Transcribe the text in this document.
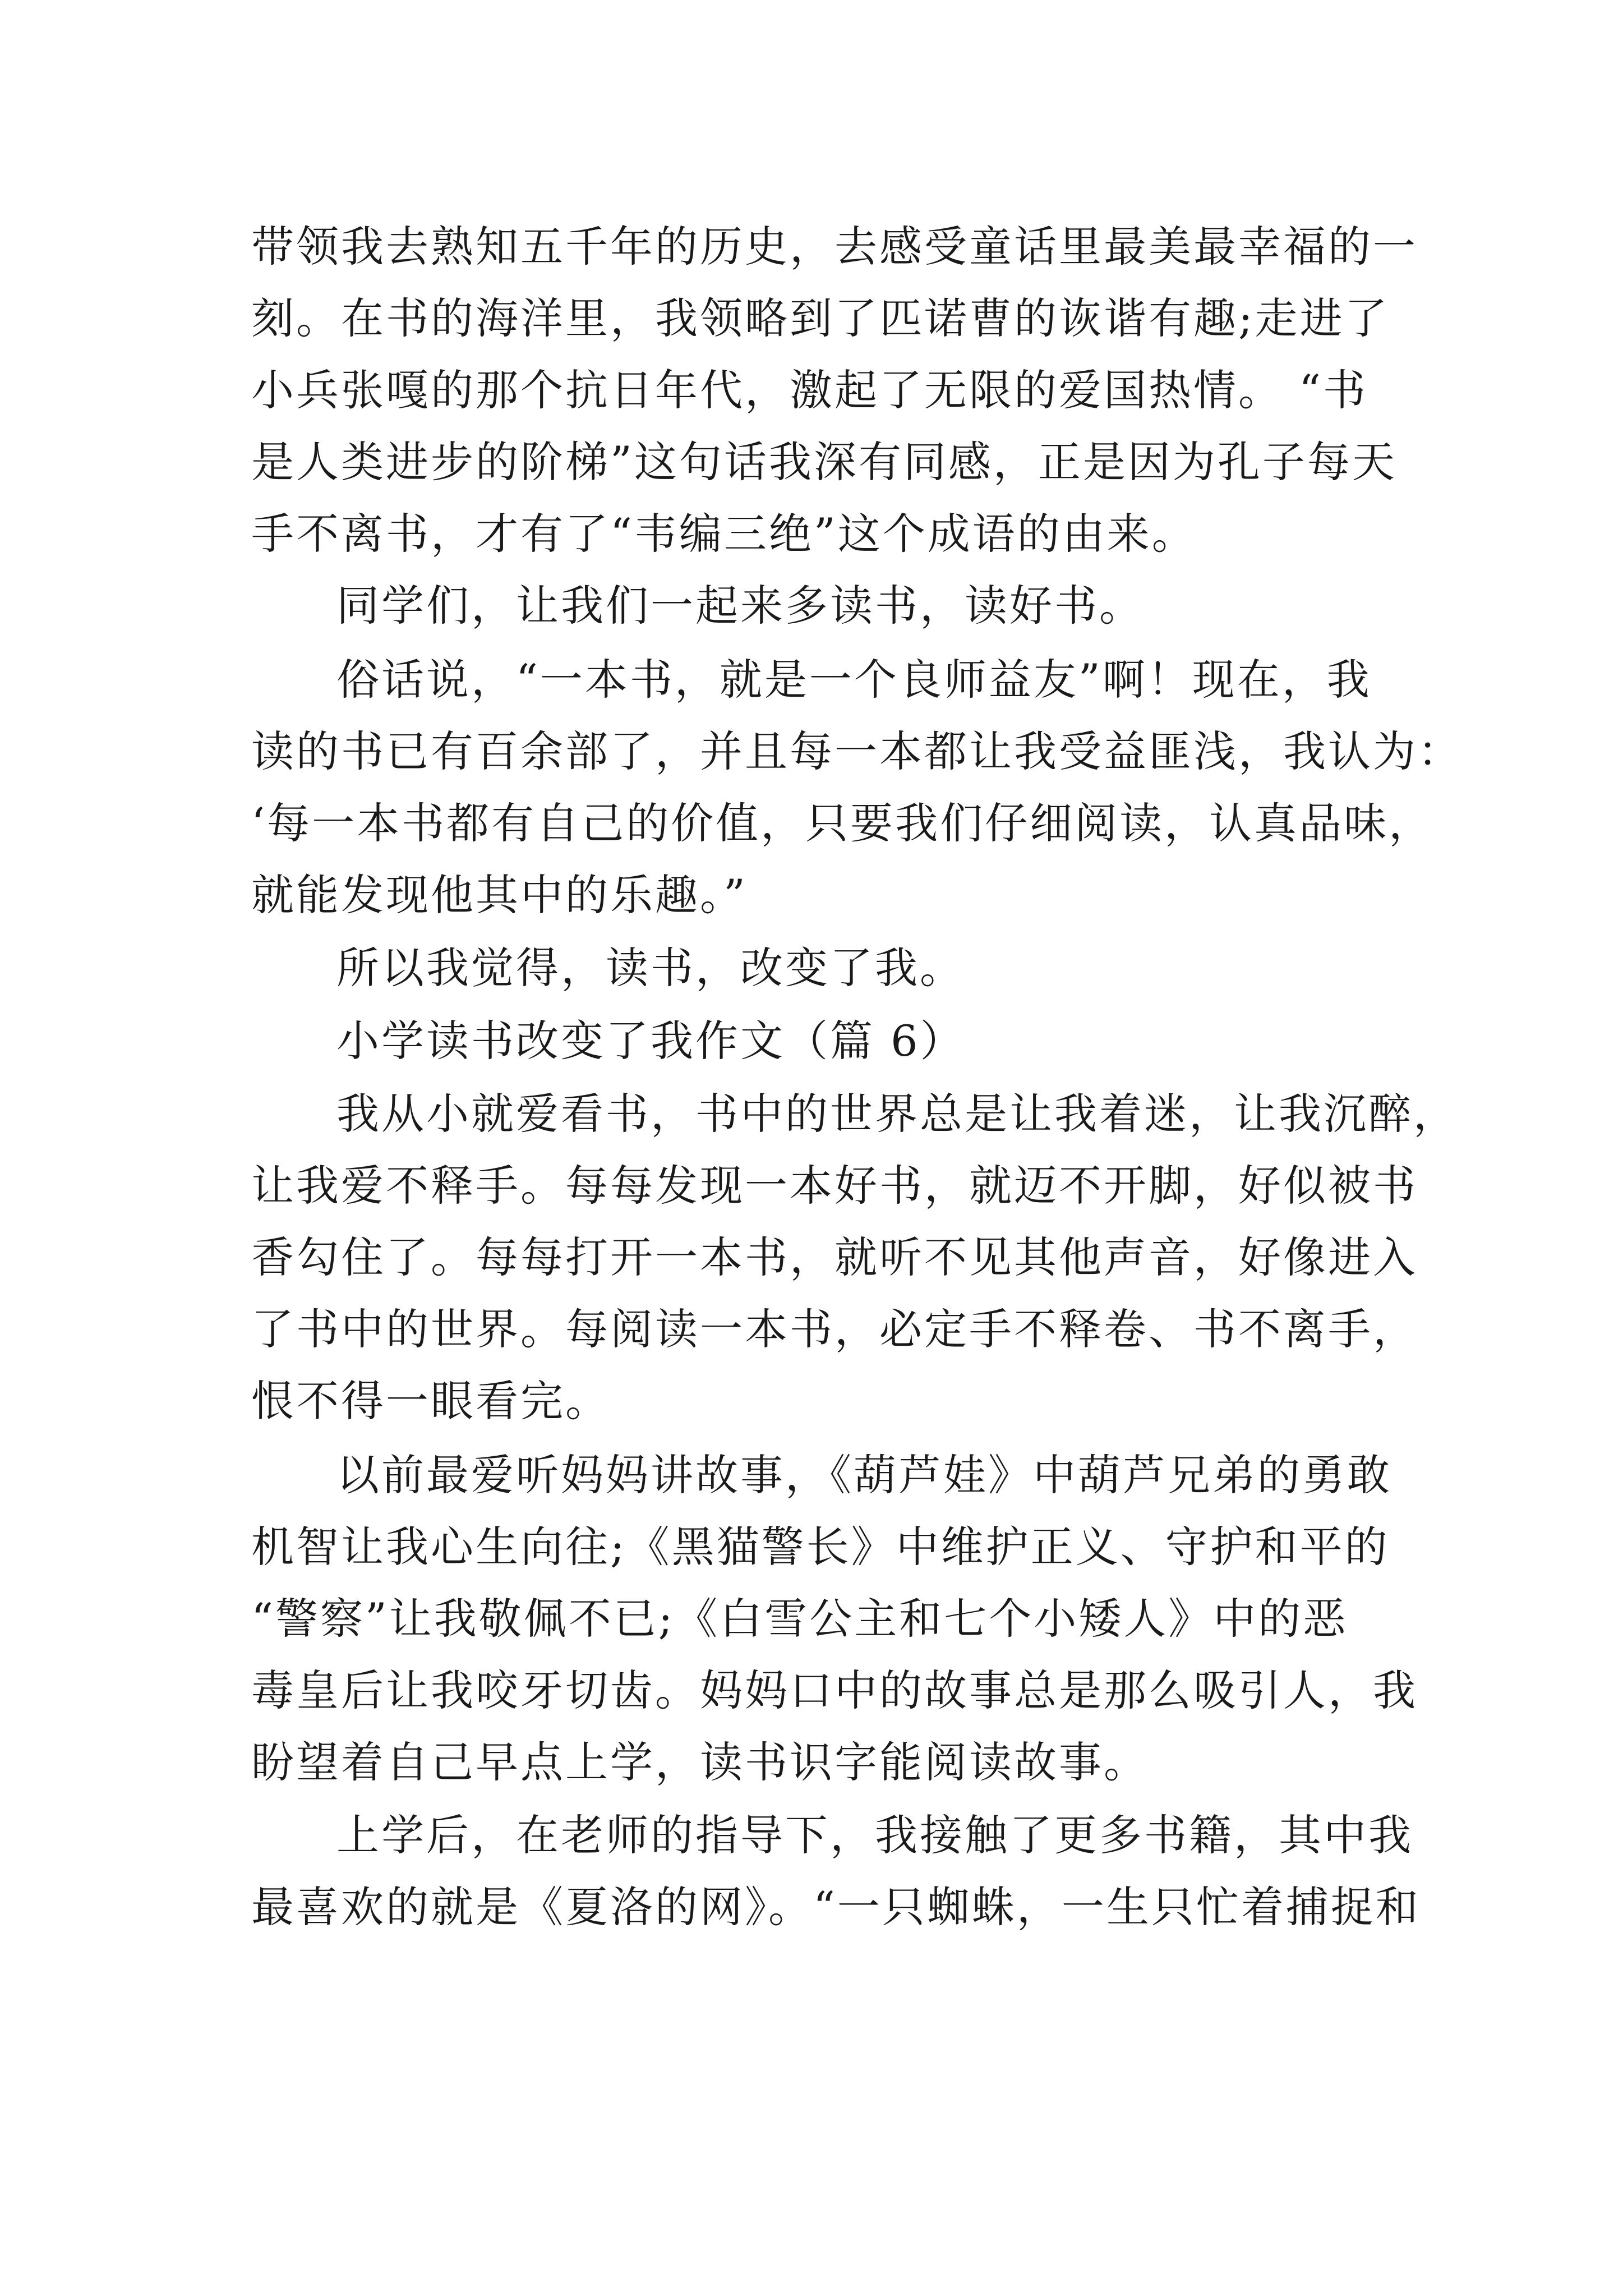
带领我去熟知五千年的历史，去感受童话里最美最幸福的一
刻。在书的海洋里，我领略到了匹诺曹的诙谐有趣;走进了
小兵张嘎的那个抗日年代，激起了无限的爱国热情。 “书
是人类进步的阶梯”这句话我深有同感，正是因为孔子每天
手不离书，才有了“韦编三绝”这个成语的由来。
同学们，让我们一起来多读书，读好书。
俗话说，“一本书，就是一个良师益友”啊！现在，我
读的书已有百余部了，并且每一本都让我受益匪浅，我认为：
‘每一本书都有自己的价值，只要我们仔细阅读，认真品味，
就能发现他其中的乐趣。”
所以我觉得，读书，改变了我。
小学读书改变了我作文（篇 6）
我从小就爱看书，书中的世界总是让我着迷，让我沉醉，
让我爱不释手。每每发现一本好书，就迈不开脚，好似被书
香勾住了。每每打开一本书，就听不见其他声音，好像进入
了书中的世界。每阅读一本书，必定手不释卷、书不离手，
恨不得一眼看完。
以前最爱听妈妈讲故事，《葫芦娃》中葫芦兄弟的勇敢
机智让我心生向往;《黑猫警长》中维护正义、守护和平的
“警察”让我敬佩不已;《白雪公主和七个小矮人》中的恶
毒皇后让我咬牙切齿。妈妈口中的故事总是那么吸引人，我
盼望着自己早点上学，读书识字能阅读故事。
上学后，在老师的指导下，我接触了更多书籍，其中我
最喜欢的就是《夏洛的网》。“一只蜘蛛，一生只忙着捕捉和
